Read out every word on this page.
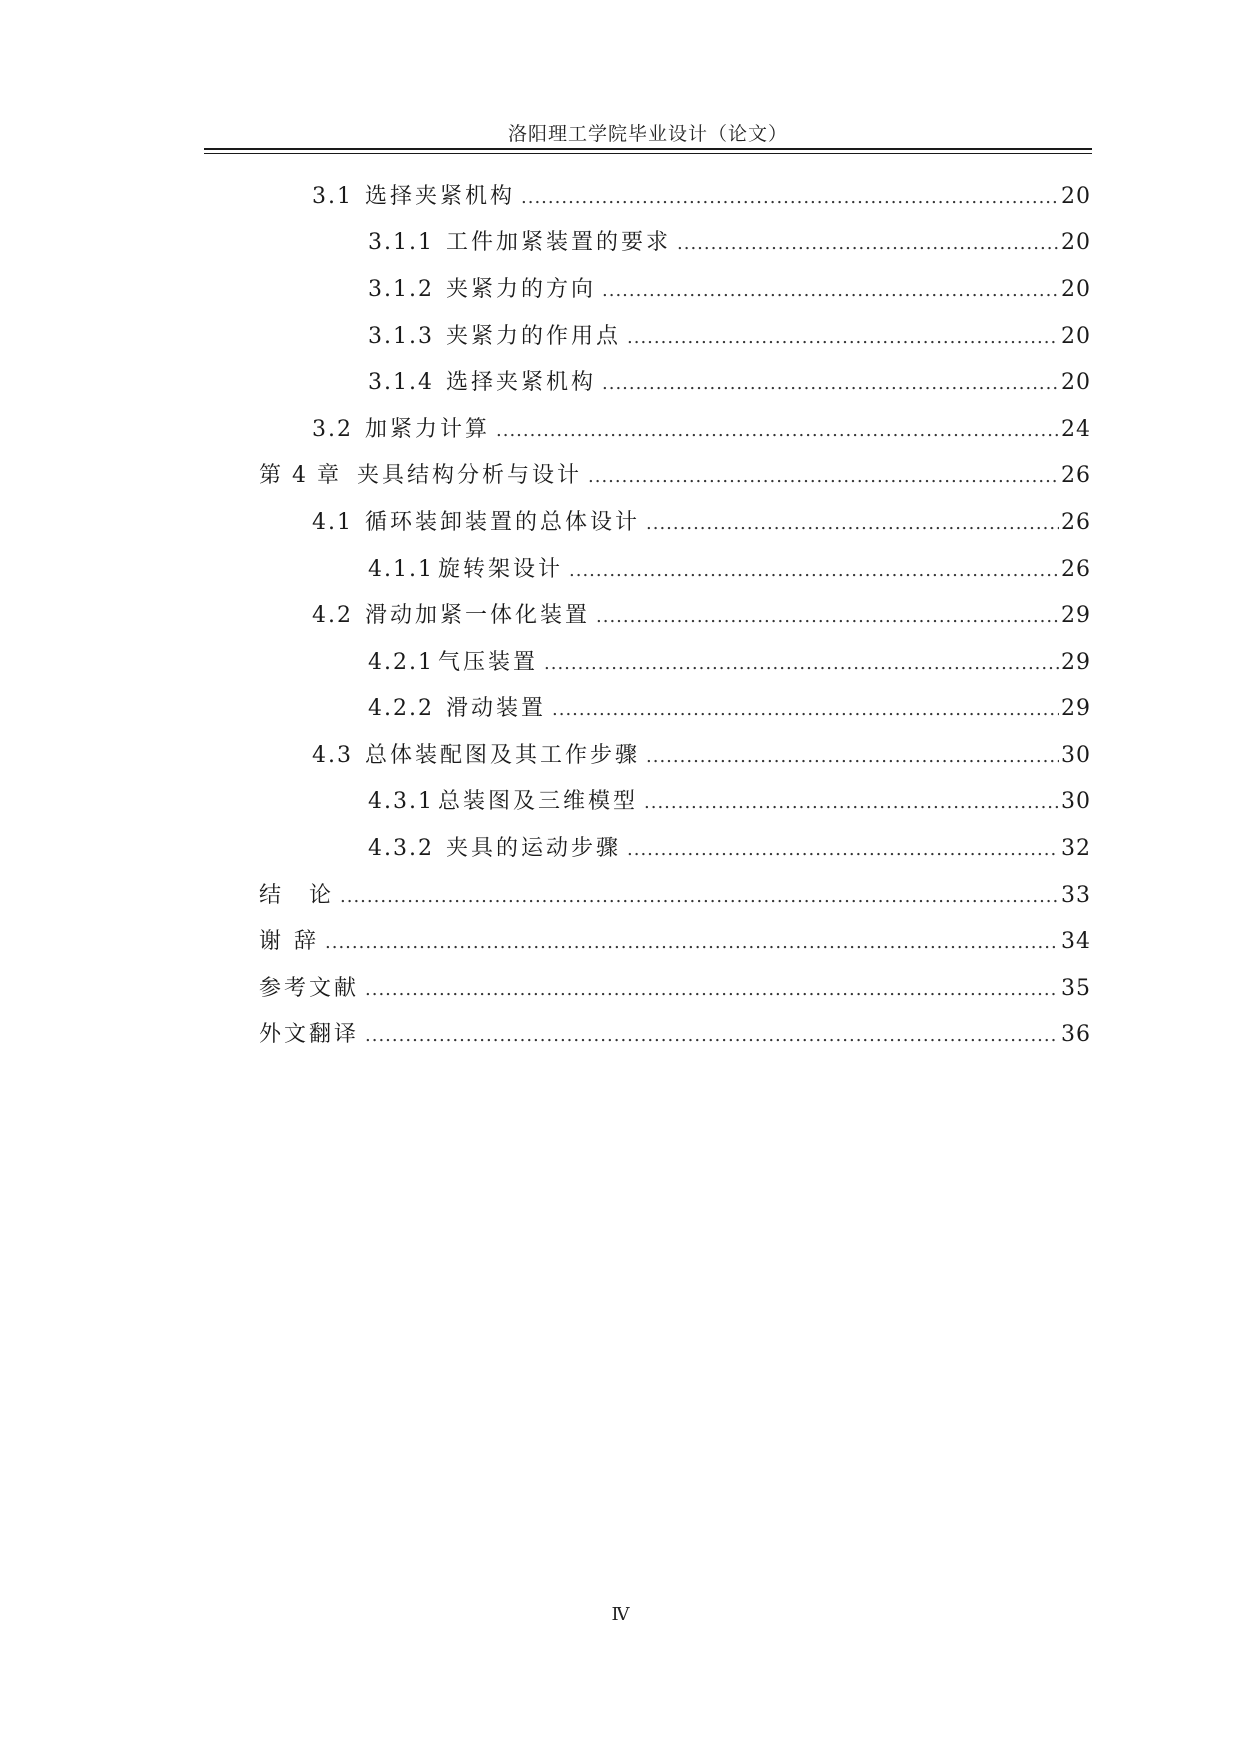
洛阳理工学院毕业设计（论文）
3.1 选择夹紧机构 .....	20
3.1.1 工件加紧装置的要求 .....	20
3.1.2 夹紧力的方向 .....	20
3.1.3 夹紧力的作用点 .....	20
3.1.4 选择夹紧机构 .....	20
3.2 加紧力计算 .....	24
第 4 章 夹具结构分析与设计 .....	26
4.1 循环装卸装置的总体设计 .....	26
4.1.1 旋转架设计 .....	26
4.2 滑动加紧一体化装置 .....	29
4.2.1 气压装置 .....	29
4.2.2 滑动装置 .....	29
4.3 总体装配图及其工作步骤 .....	30
4.3.1 总装图及三维模型 .....	30
4.3.2 夹具的运动步骤 .....	32
结　论 .....	33
谢 辞 .....	34
参考文献 .....	35
外文翻译 .....	36
Ⅳ
